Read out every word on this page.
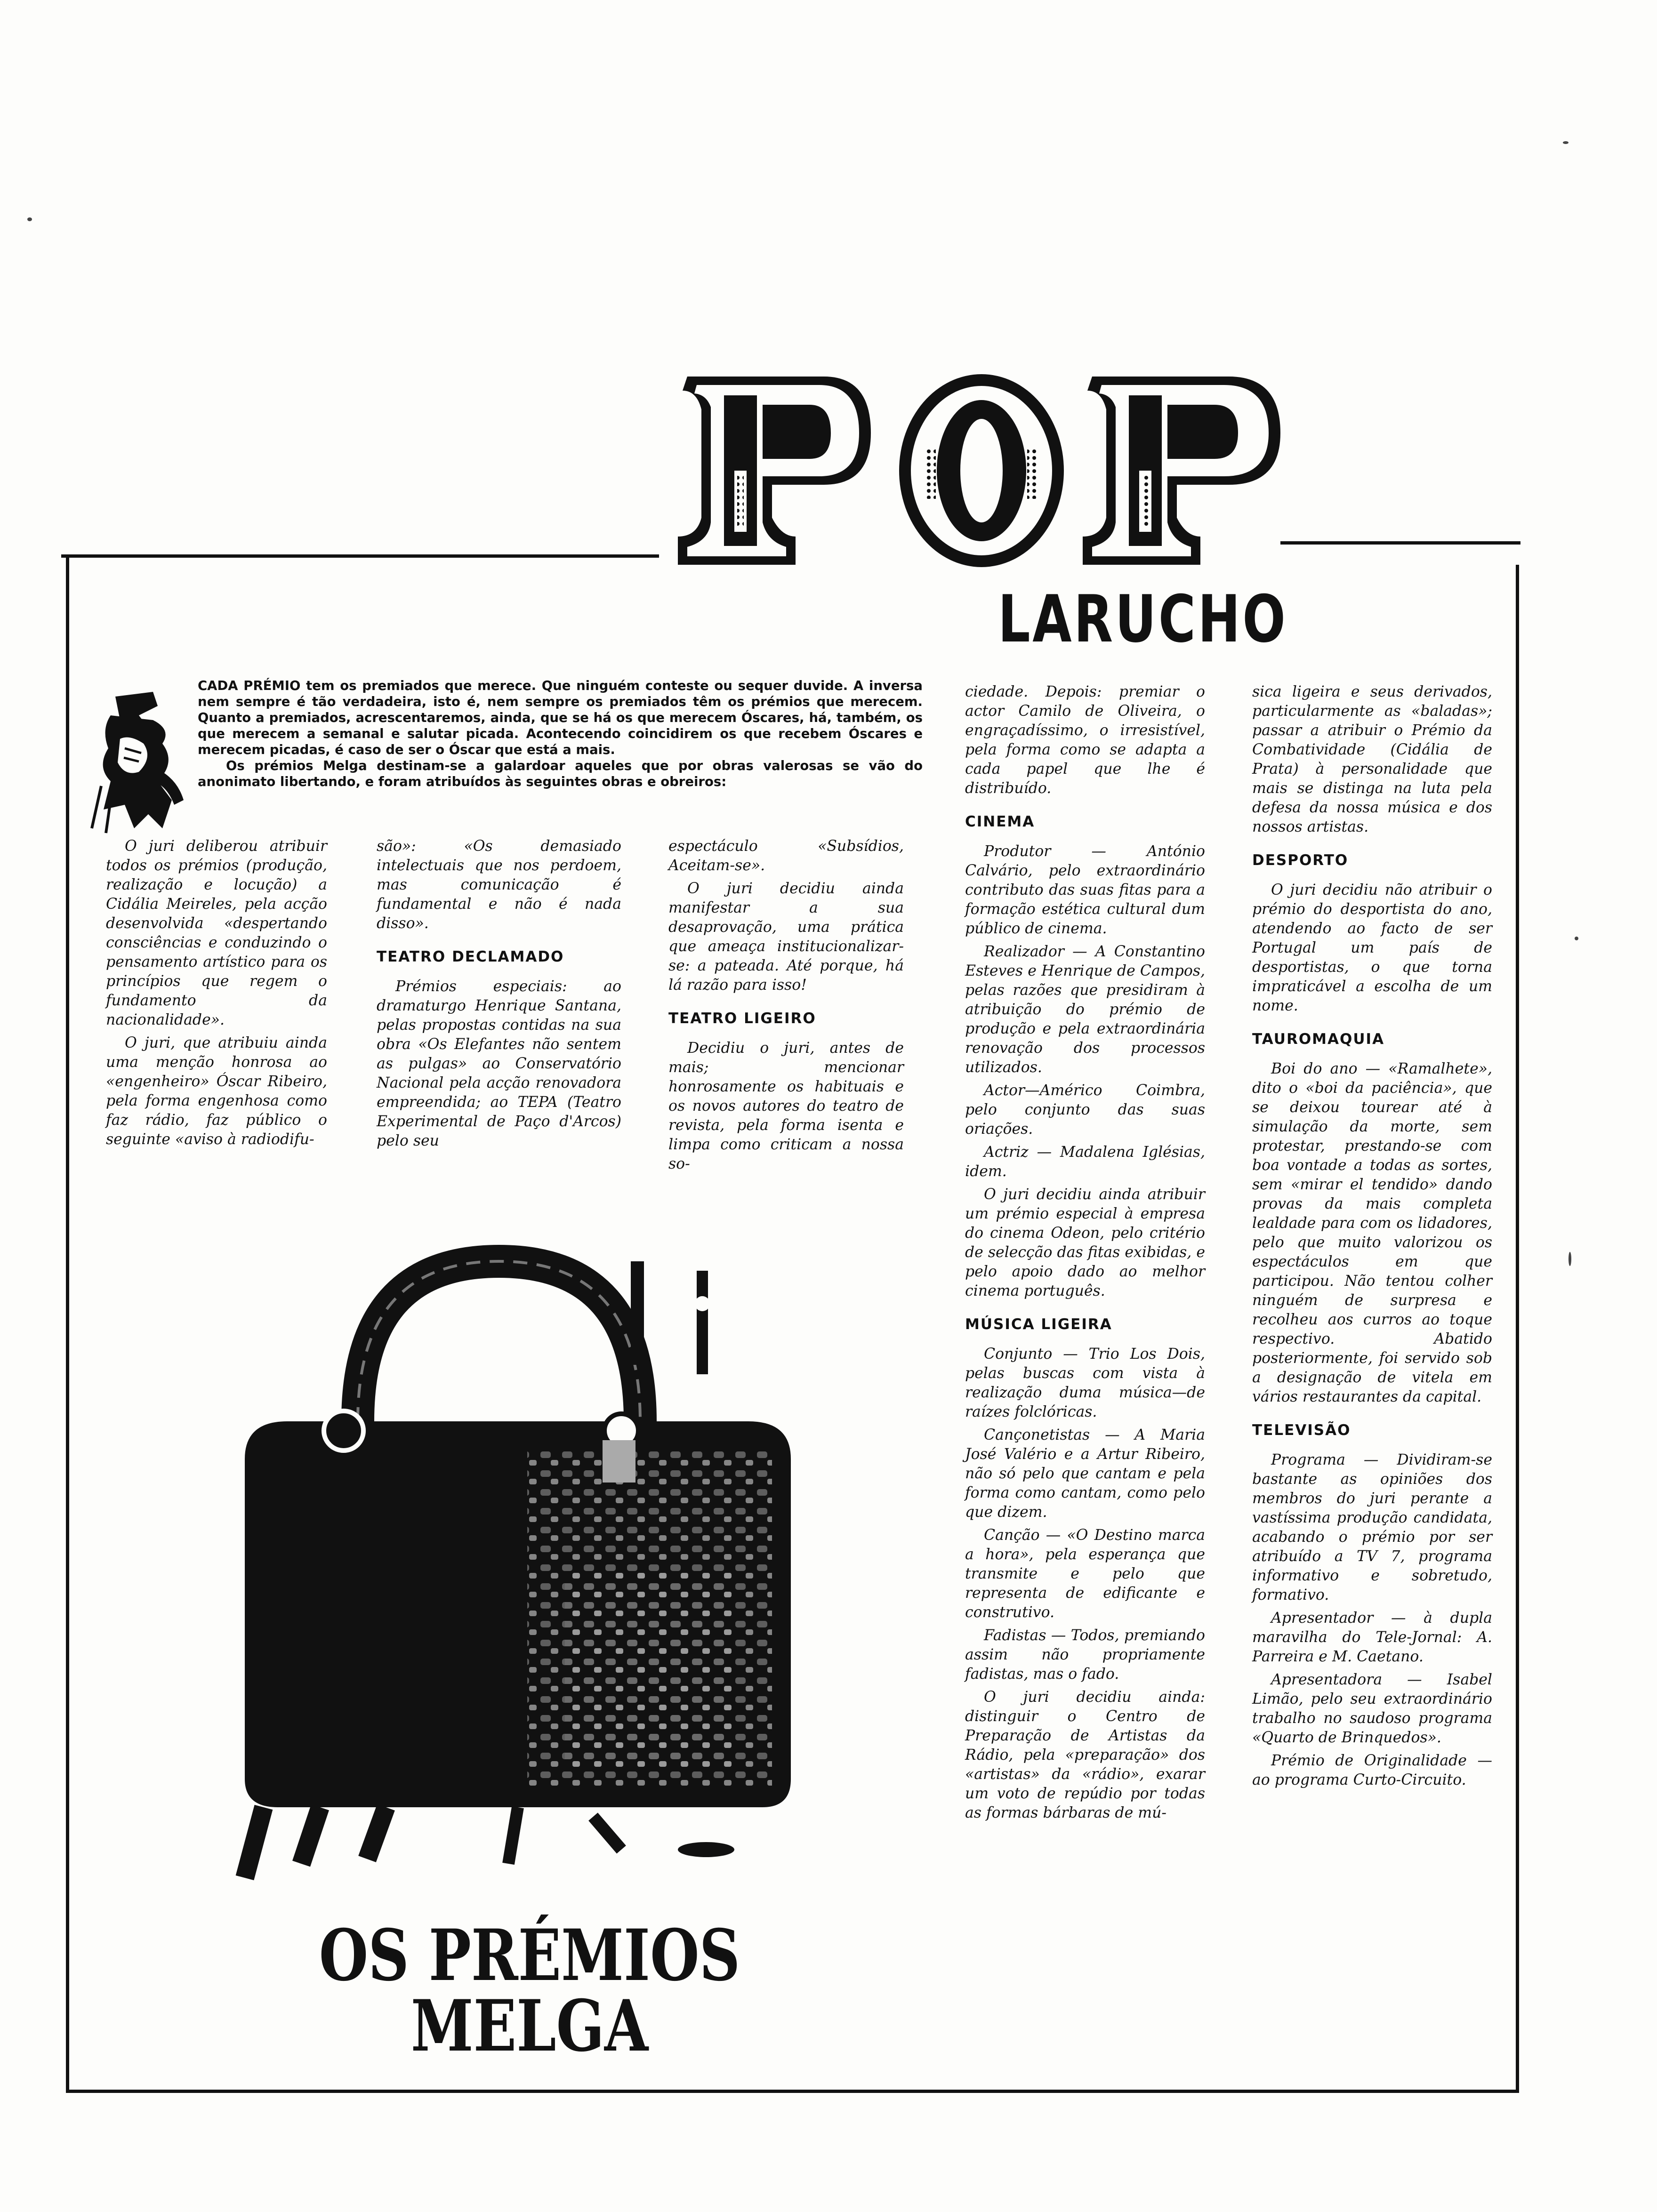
LARUCHO

CADA PRÉMIO tem os premiados que merece. Que ninguém conteste ou sequer duvide. A inversa nem sempre é tão verdadeira, isto é, nem sempre os premiados têm os prémios que merecem. Quanto a premiados, acrescentaremos, ainda, que se há os que merecem Óscares, há, também, os que merecem a semanal e salutar picada. Acontecendo coincidirem os que recebem Óscares e merecem picadas, é caso de ser o Óscar que está a mais.

Os prémios Melga destinam-se a galardoar aqueles que por obras valerosas se vão do anonimato libertando, e foram atribuídos às seguintes obras e obreiros:

O juri deliberou atribuir todos os prémios (produção, realização e locução) a Cidália Meireles, pela acção desenvolvida «despertando consciências e conduzindo o pensamento artístico para os princípios que regem o fundamento da nacionalidade».

O juri, que atribuiu ainda uma menção honrosa ao «engenheiro» Óscar Ribeiro, pela forma engenhosa como faz rádio, faz público o seguinte «aviso à radiodifu-

são»: «Os demasiado intelectuais que nos perdoem, mas comunicação é fundamental e não é nada disso».

TEATRO DECLAMADO

Prémios especiais: ao dramaturgo Henrique Santana, pelas propostas contidas na sua obra «Os Elefantes não sentem as pulgas» ao Conservatório Nacional pela acção renovadora empreendida; ao TEPA (Teatro Experimental de Paço d'Arcos) pelo seu

espectáculo «Subsídios, Aceitam-se».

O juri decidiu ainda manifestar a sua desaprovação, uma prática que ameaça institucionalizar-se: a pateada. Até porque, há lá razão para isso!

TEATRO LIGEIRO

Decidiu o juri, antes de mais; mencionar honrosamente os habituais e os novos autores do teatro de revista, pela forma isenta e limpa como criticam a nossa so-

ciedade. Depois: premiar o actor Camilo de Oliveira, o engraçadíssimo, o irresistível, pela forma como se adapta a cada papel que lhe é distribuído.

CINEMA

Produtor — António Calvário, pelo extraordinário contributo das suas fitas para a formação estética cultural dum público de cinema.

Realizador — A Constantino Esteves e Henrique de Campos, pelas razões que presidiram à atribuição do prémio de produção e pela extraordinária renovação dos processos utilizados.

Actor—Américo Coimbra, pelo conjunto das suas oriações.

Actriz — Madalena Iglésias, idem.

O juri decidiu ainda atribuir um prémio especial à empresa do cinema Odeon, pelo critério de selecção das fitas exibidas, e pelo apoio dado ao melhor cinema português.

MÚSICA LIGEIRA

Conjunto — Trio Los Dois, pelas buscas com vista à realização duma música—de raízes folclóricas.

Cançonetistas — A Maria José Valério e a Artur Ribeiro, não só pelo que cantam e pela forma como cantam, como pelo que dizem.

Canção — «O Destino marca a hora», pela esperança que transmite e pelo que representa de edificante e construtivo.

Fadistas — Todos, premiando assim não propriamente fadistas, mas o fado.

O juri decidiu ainda: distinguir o Centro de Preparação de Artistas da Rádio, pela «preparação» dos «artistas» da «rádio», exarar um voto de repúdio por todas as formas bárbaras de mú-

sica ligeira e seus derivados, particularmente as «baladas»; passar a atribuir o Prémio da Combatividade (Cidália de Prata) à personalidade que mais se distinga na luta pela defesa da nossa música e dos nossos artistas.

DESPORTO

O juri decidiu não atribuir o prémio do desportista do ano, atendendo ao facto de ser Portugal um país de desportistas, o que torna impraticável a escolha de um nome.

TAUROMAQUIA

Boi do ano — «Ramalhete», dito o «boi da paciência», que se deixou tourear até à simulação da morte, sem protestar, prestando-se com boa vontade a todas as sortes, sem «mirar el tendido» dando provas da mais completa lealdade para com os lidadores, pelo que muito valorizou os espectáculos em que participou. Não tentou colher ninguém de surpresa e recolheu aos curros ao toque respectivo. Abatido posteriormente, foi servido sob a designação de vitela em vários restaurantes da capital.

TELEVISÃO

Programa — Dividiram-se bastante as opiniões dos membros do juri perante a vastíssima produção candidata, acabando o prémio por ser atribuído a TV 7, programa informativo e sobretudo, formativo.

Apresentador — à dupla maravilha do Tele-Jornal: A. Parreira e M. Caetano.

Apresentadora — Isabel Limão, pelo seu extraordinário trabalho no saudoso programa «Quarto de Brinquedos».

Prémio de Originalidade — ao programa Curto-Circuito.

OS PRÉMIOS
MELGA
